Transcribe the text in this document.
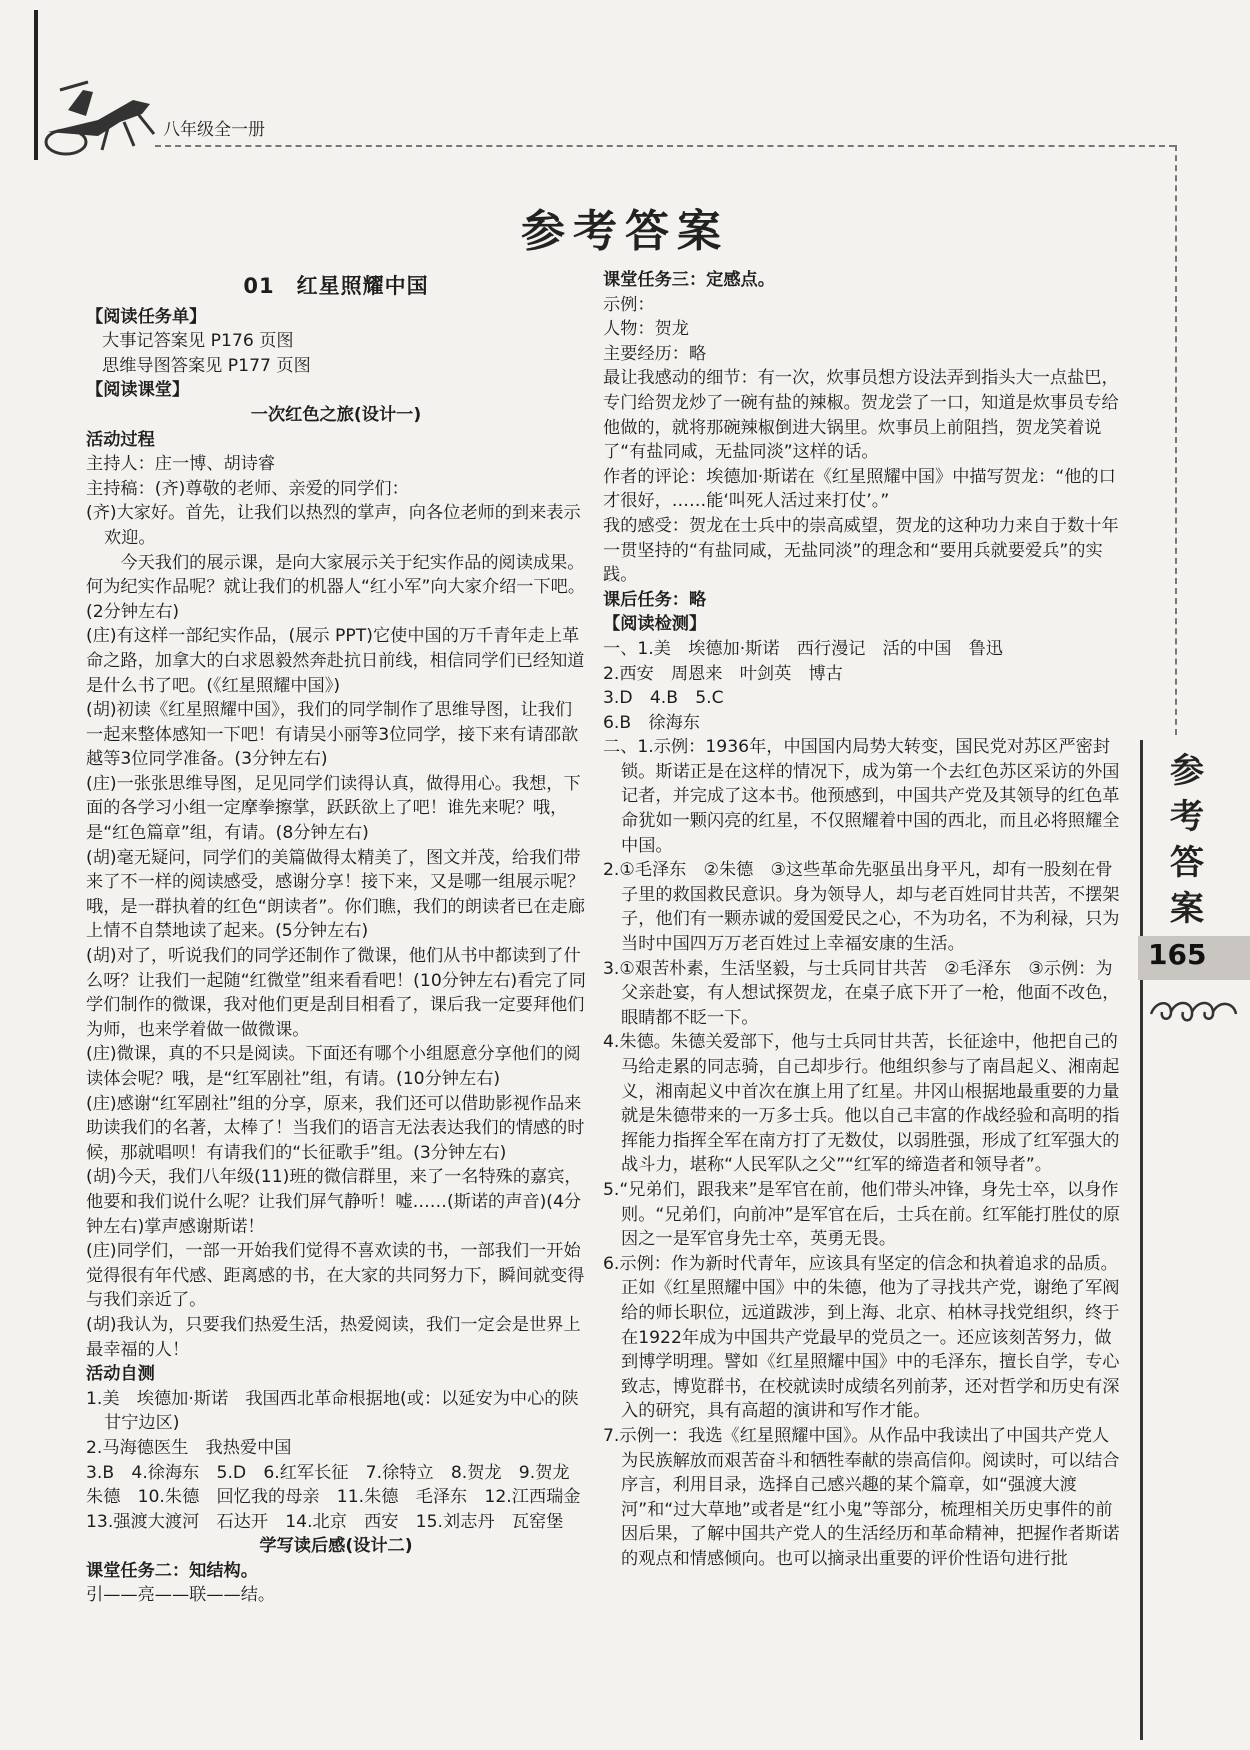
八年级全一册
参考答案
01　红星照耀中国

【阅读任务单】

大事记答案见 P176 页图

思维导图答案见 P177 页图

【阅读课堂】

一次红色之旅(设计一)

活动过程

主持人：庄一博、胡诗睿

主持稿：(齐)尊敬的老师、亲爱的同学们：

(齐)大家好。首先，让我们以热烈的掌声，向各位老师的到来表示欢迎。

今天我们的展示课，是向大家展示关于纪实作品的阅读成果。何为纪实作品呢？就让我们的机器人“红小军”向大家介绍一下吧。(2分钟左右)

(庄)有这样一部纪实作品，(展示 PPT)它使中国的万千青年走上革命之路，加拿大的白求恩毅然奔赴抗日前线，相信同学们已经知道是什么书了吧。(《红星照耀中国》)

(胡)初读《红星照耀中国》，我们的同学制作了思维导图，让我们一起来整体感知一下吧！有请吴小丽等3位同学，接下来有请邵歆越等3位同学准备。(3分钟左右)

(庄)一张张思维导图，足见同学们读得认真，做得用心。我想，下面的各学习小组一定摩拳擦掌，跃跃欲上了吧！谁先来呢？哦，是“红色篇章”组，有请。(8分钟左右)

(胡)毫无疑问，同学们的美篇做得太精美了，图文并茂，给我们带来了不一样的阅读感受，感谢分享！接下来，又是哪一组展示呢？哦，是一群执着的红色“朗读者”。你们瞧，我们的朗读者已在走廊上情不自禁地读了起来。(5分钟左右)

(胡)对了，听说我们的同学还制作了微课，他们从书中都读到了什么呀？让我们一起随“红微堂”组来看看吧！(10分钟左右)看完了同学们制作的微课，我对他们更是刮目相看了，课后我一定要拜他们为师，也来学着做一做微课。

(庄)微课，真的不只是阅读。下面还有哪个小组愿意分享他们的阅读体会呢？哦，是“红军剧社”组，有请。(10分钟左右)

(庄)感谢“红军剧社”组的分享，原来，我们还可以借助影视作品来助读我们的名著，太棒了！当我们的语言无法表达我们的情感的时候，那就唱呗！有请我们的“长征歌手”组。(3分钟左右)

(胡)今天，我们八年级(11)班的微信群里，来了一名特殊的嘉宾，他要和我们说什么呢？让我们屏气静听！嘘……(斯诺的声音)(4分钟左右)掌声感谢斯诺！

(庄)同学们，一部一开始我们觉得不喜欢读的书，一部我们一开始觉得很有年代感、距离感的书，在大家的共同努力下，瞬间就变得与我们亲近了。

(胡)我认为，只要我们热爱生活，热爱阅读，我们一定会是世界上最幸福的人！

活动自测

1.美　埃德加·斯诺　我国西北革命根据地(或：以延安为中心的陕甘宁边区)

2.马海德医生　我热爱中国

3.B　4.徐海东　5.D　6.红军长征　7.徐特立　8.贺龙　9.贺龙　朱德　10.朱德　回忆我的母亲　11.朱德　毛泽东　12.江西瑞金　13.强渡大渡河　石达开　14.北京　西安　15.刘志丹　瓦窑堡

学写读后感(设计二)

课堂任务二：知结构。

引——亮——联——结。

课堂任务三：定感点。

示例：

人物：贺龙

主要经历：略

最让我感动的细节：有一次，炊事员想方设法弄到指头大一点盐巴，专门给贺龙炒了一碗有盐的辣椒。贺龙尝了一口，知道是炊事员专给他做的，就将那碗辣椒倒进大锅里。炊事员上前阻挡，贺龙笑着说了“有盐同咸，无盐同淡”这样的话。

作者的评论：埃德加·斯诺在《红星照耀中国》中描写贺龙：“他的口才很好，……能‘叫死人活过来打仗’。”

我的感受：贺龙在士兵中的崇高威望，贺龙的这种功力来自于数十年一贯坚持的“有盐同咸，无盐同淡”的理念和“要用兵就要爱兵”的实践。

课后任务：略

【阅读检测】

一、1.美　埃德加·斯诺　西行漫记　活的中国　鲁迅

2.西安　周恩来　叶剑英　博古

3.D　4.B　5.C

6.B　徐海东

二、1.示例：1936年，中国国内局势大转变，国民党对苏区严密封锁。斯诺正是在这样的情况下，成为第一个去红色苏区采访的外国记者，并完成了这本书。他预感到，中国共产党及其领导的红色革命犹如一颗闪亮的红星，不仅照耀着中国的西北，而且必将照耀全中国。

2.①毛泽东　②朱德　③这些革命先驱虽出身平凡，却有一股刻在骨子里的救国救民意识。身为领导人，却与老百姓同甘共苦，不摆架子，他们有一颗赤诚的爱国爱民之心，不为功名，不为利禄，只为当时中国四万万老百姓过上幸福安康的生活。

3.①艰苦朴素，生活坚毅，与士兵同甘共苦　②毛泽东　③示例：为父亲赴宴，有人想试探贺龙，在桌子底下开了一枪，他面不改色，眼睛都不眨一下。

4.朱德。朱德关爱部下，他与士兵同甘共苦，长征途中，他把自己的马给走累的同志骑，自己却步行。他组织参与了南昌起义、湘南起义，湘南起义中首次在旗上用了红星。井冈山根据地最重要的力量就是朱德带来的一万多士兵。他以自己丰富的作战经验和高明的指挥能力指挥全军在南方打了无数仗，以弱胜强，形成了红军强大的战斗力，堪称“人民军队之父”“红军的缔造者和领导者”。

5.“兄弟们，跟我来”是军官在前，他们带头冲锋，身先士卒，以身作则。“兄弟们，向前冲”是军官在后，士兵在前。红军能打胜仗的原因之一是军官身先士卒，英勇无畏。

6.示例：作为新时代青年，应该具有坚定的信念和执着追求的品质。正如《红星照耀中国》中的朱德，他为了寻找共产党，谢绝了军阀给的师长职位，远道跋涉，到上海、北京、柏林寻找党组织，终于在1922年成为中国共产党最早的党员之一。还应该刻苦努力，做到博学明理。譬如《红星照耀中国》中的毛泽东，擅长自学，专心致志，博览群书，在校就读时成绩名列前茅，还对哲学和历史有深入的研究，具有高超的演讲和写作才能。

7.示例一：我选《红星照耀中国》。从作品中我读出了中国共产党人为民族解放而艰苦奋斗和牺牲奉献的崇高信仰。阅读时，可以结合序言，利用目录，选择自己感兴趣的某个篇章，如“强渡大渡河”和“过大草地”或者是“红小鬼”等部分，梳理相关历史事件的前因后果，了解中国共产党人的生活经历和革命精神，把握作者斯诺的观点和情感倾向。也可以摘录出重要的评价性语句进行批

参
考
答
案
165
